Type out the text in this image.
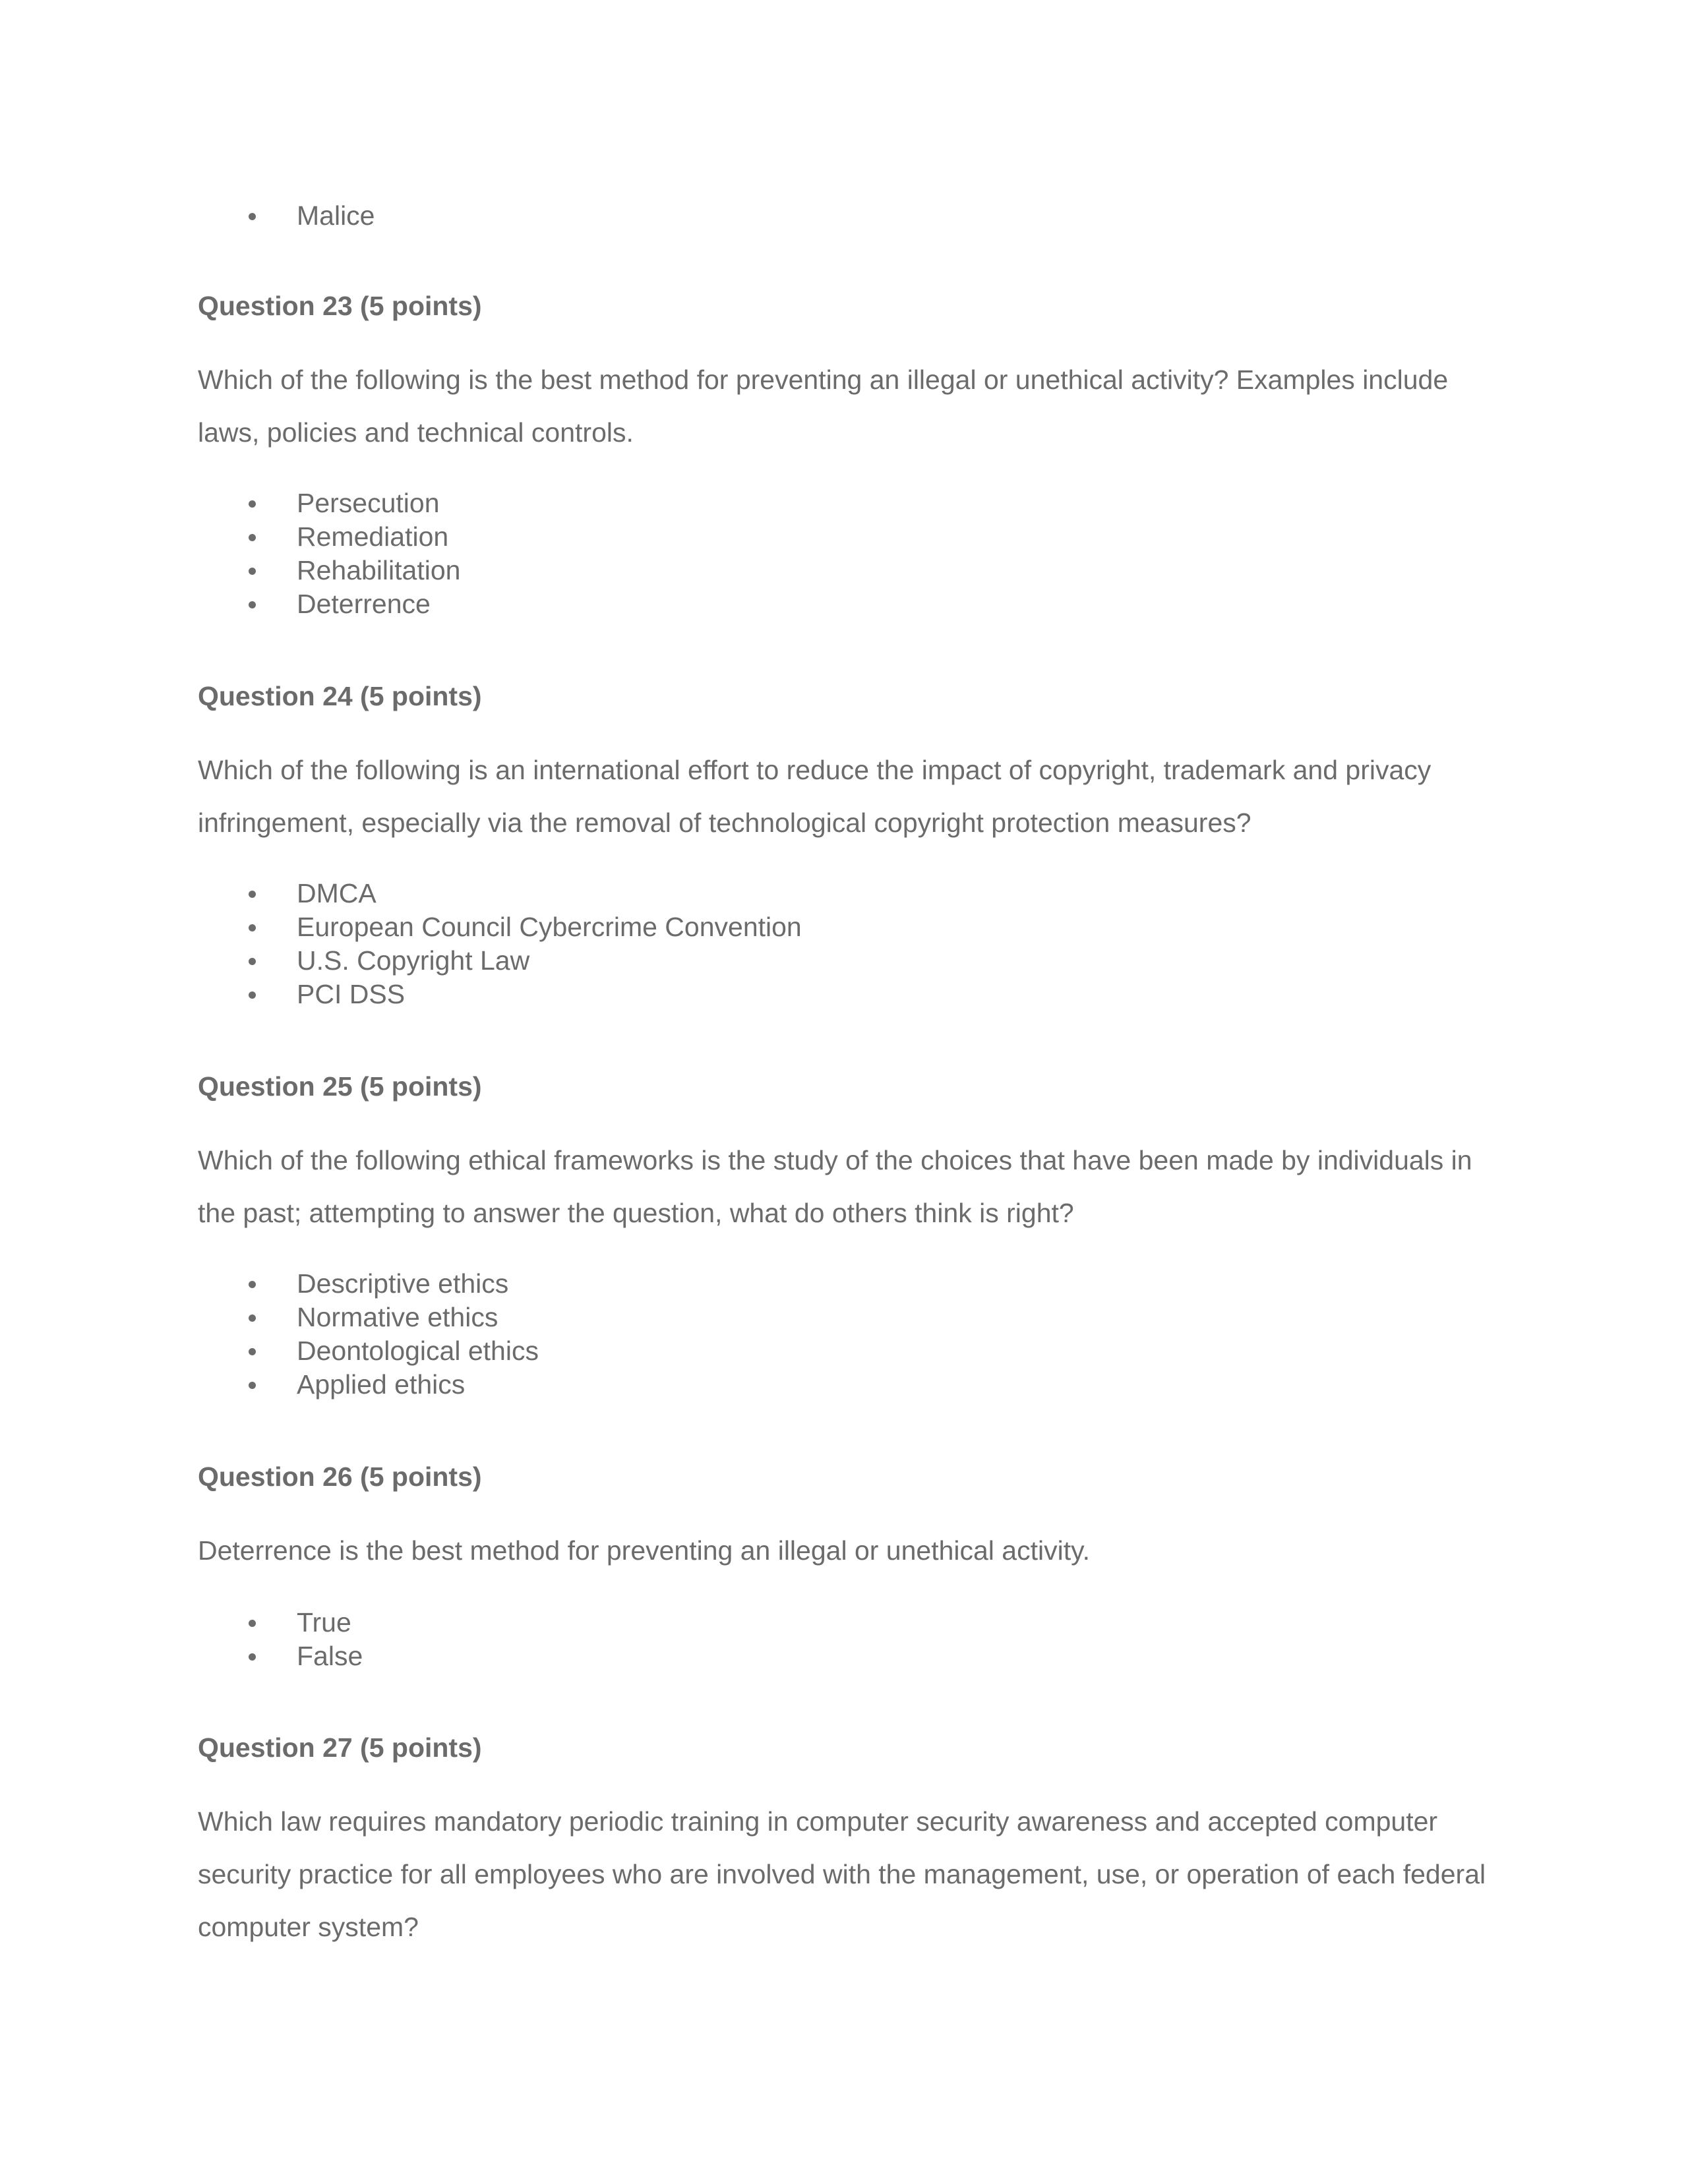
Malice
Question 23 (5 points)
Which of the following is the best method for preventing an illegal or unethical activity? Examples include laws, policies and technical controls.
Persecution
Remediation
Rehabilitation
Deterrence
Question 24 (5 points)
Which of the following is an international effort to reduce the impact of copyright, trademark and privacy infringement, especially via the removal of technological copyright protection measures?
DMCA
European Council Cybercrime Convention
U.S. Copyright Law
PCI DSS
Question 25 (5 points)
Which of the following ethical frameworks is the study of the choices that have been made by individuals in the past; attempting to answer the question, what do others think is right?
Descriptive ethics
Normative ethics
Deontological ethics
Applied ethics
Question 26 (5 points)
Deterrence is the best method for preventing an illegal or unethical activity.
True
False
Question 27 (5 points)
Which law requires mandatory periodic training in computer security awareness and accepted computer security practice for all employees who are involved with the management, use, or operation of each federal computer system?
